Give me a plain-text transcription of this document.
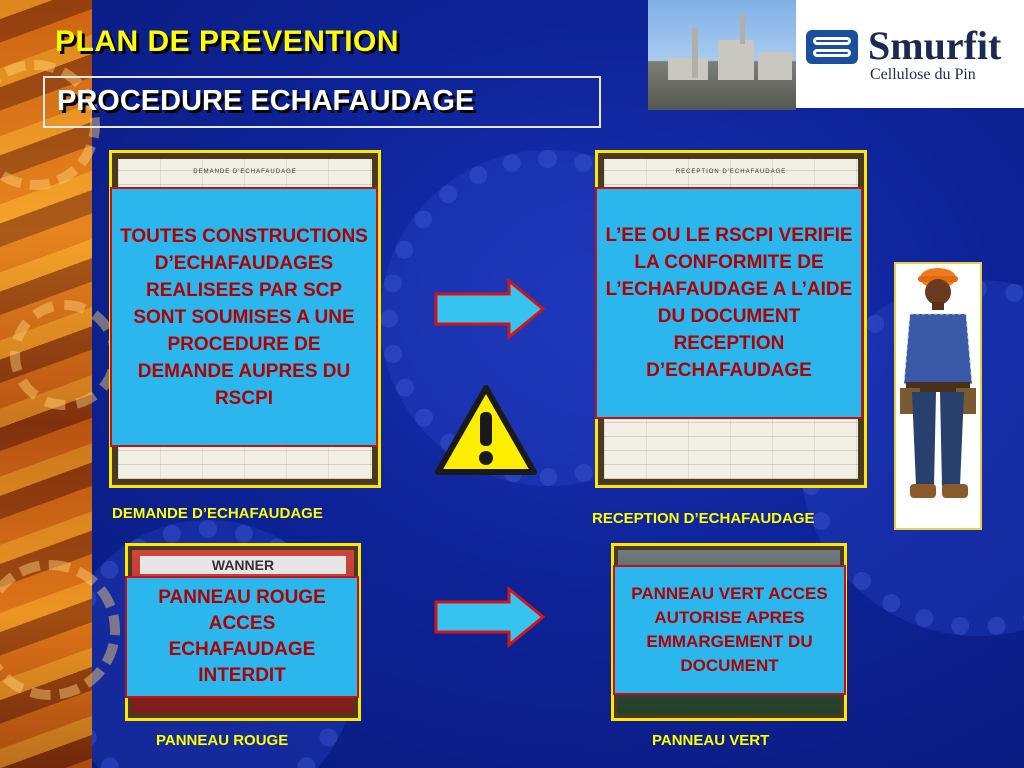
PLAN DE PREVENTION
PROCEDURE ECHAFAUDAGE

Smurfit

Cellulose du Pin

DEMANDE D'ECHAFAUDAGE
TOUTES CONSTRUCTIONS D’ECHAFAUDAGES REALISEES PAR SCP SONT SOUMISES A UNE PROCEDURE DE DEMANDE AUPRES DU RSCPI

DEMANDE D’ECHAFAUDAGE

RECEPTION D'ECHAFAUDAGE
L’EE OU LE RSCPI VERIFIE LA CONFORMITE DE L’ECHAFAUDAGE A L’AIDE DU DOCUMENT RECEPTION D’ECHAFAUDAGE

RECEPTION D’ECHAFAUDAGE

WANNER
PANNEAU ROUGE ACCES ECHAFAUDAGE INTERDIT

PANNEAU ROUGE

PANNEAU VERT ACCES AUTORISE APRES EMMARGEMENT DU DOCUMENT

PANNEAU VERT
